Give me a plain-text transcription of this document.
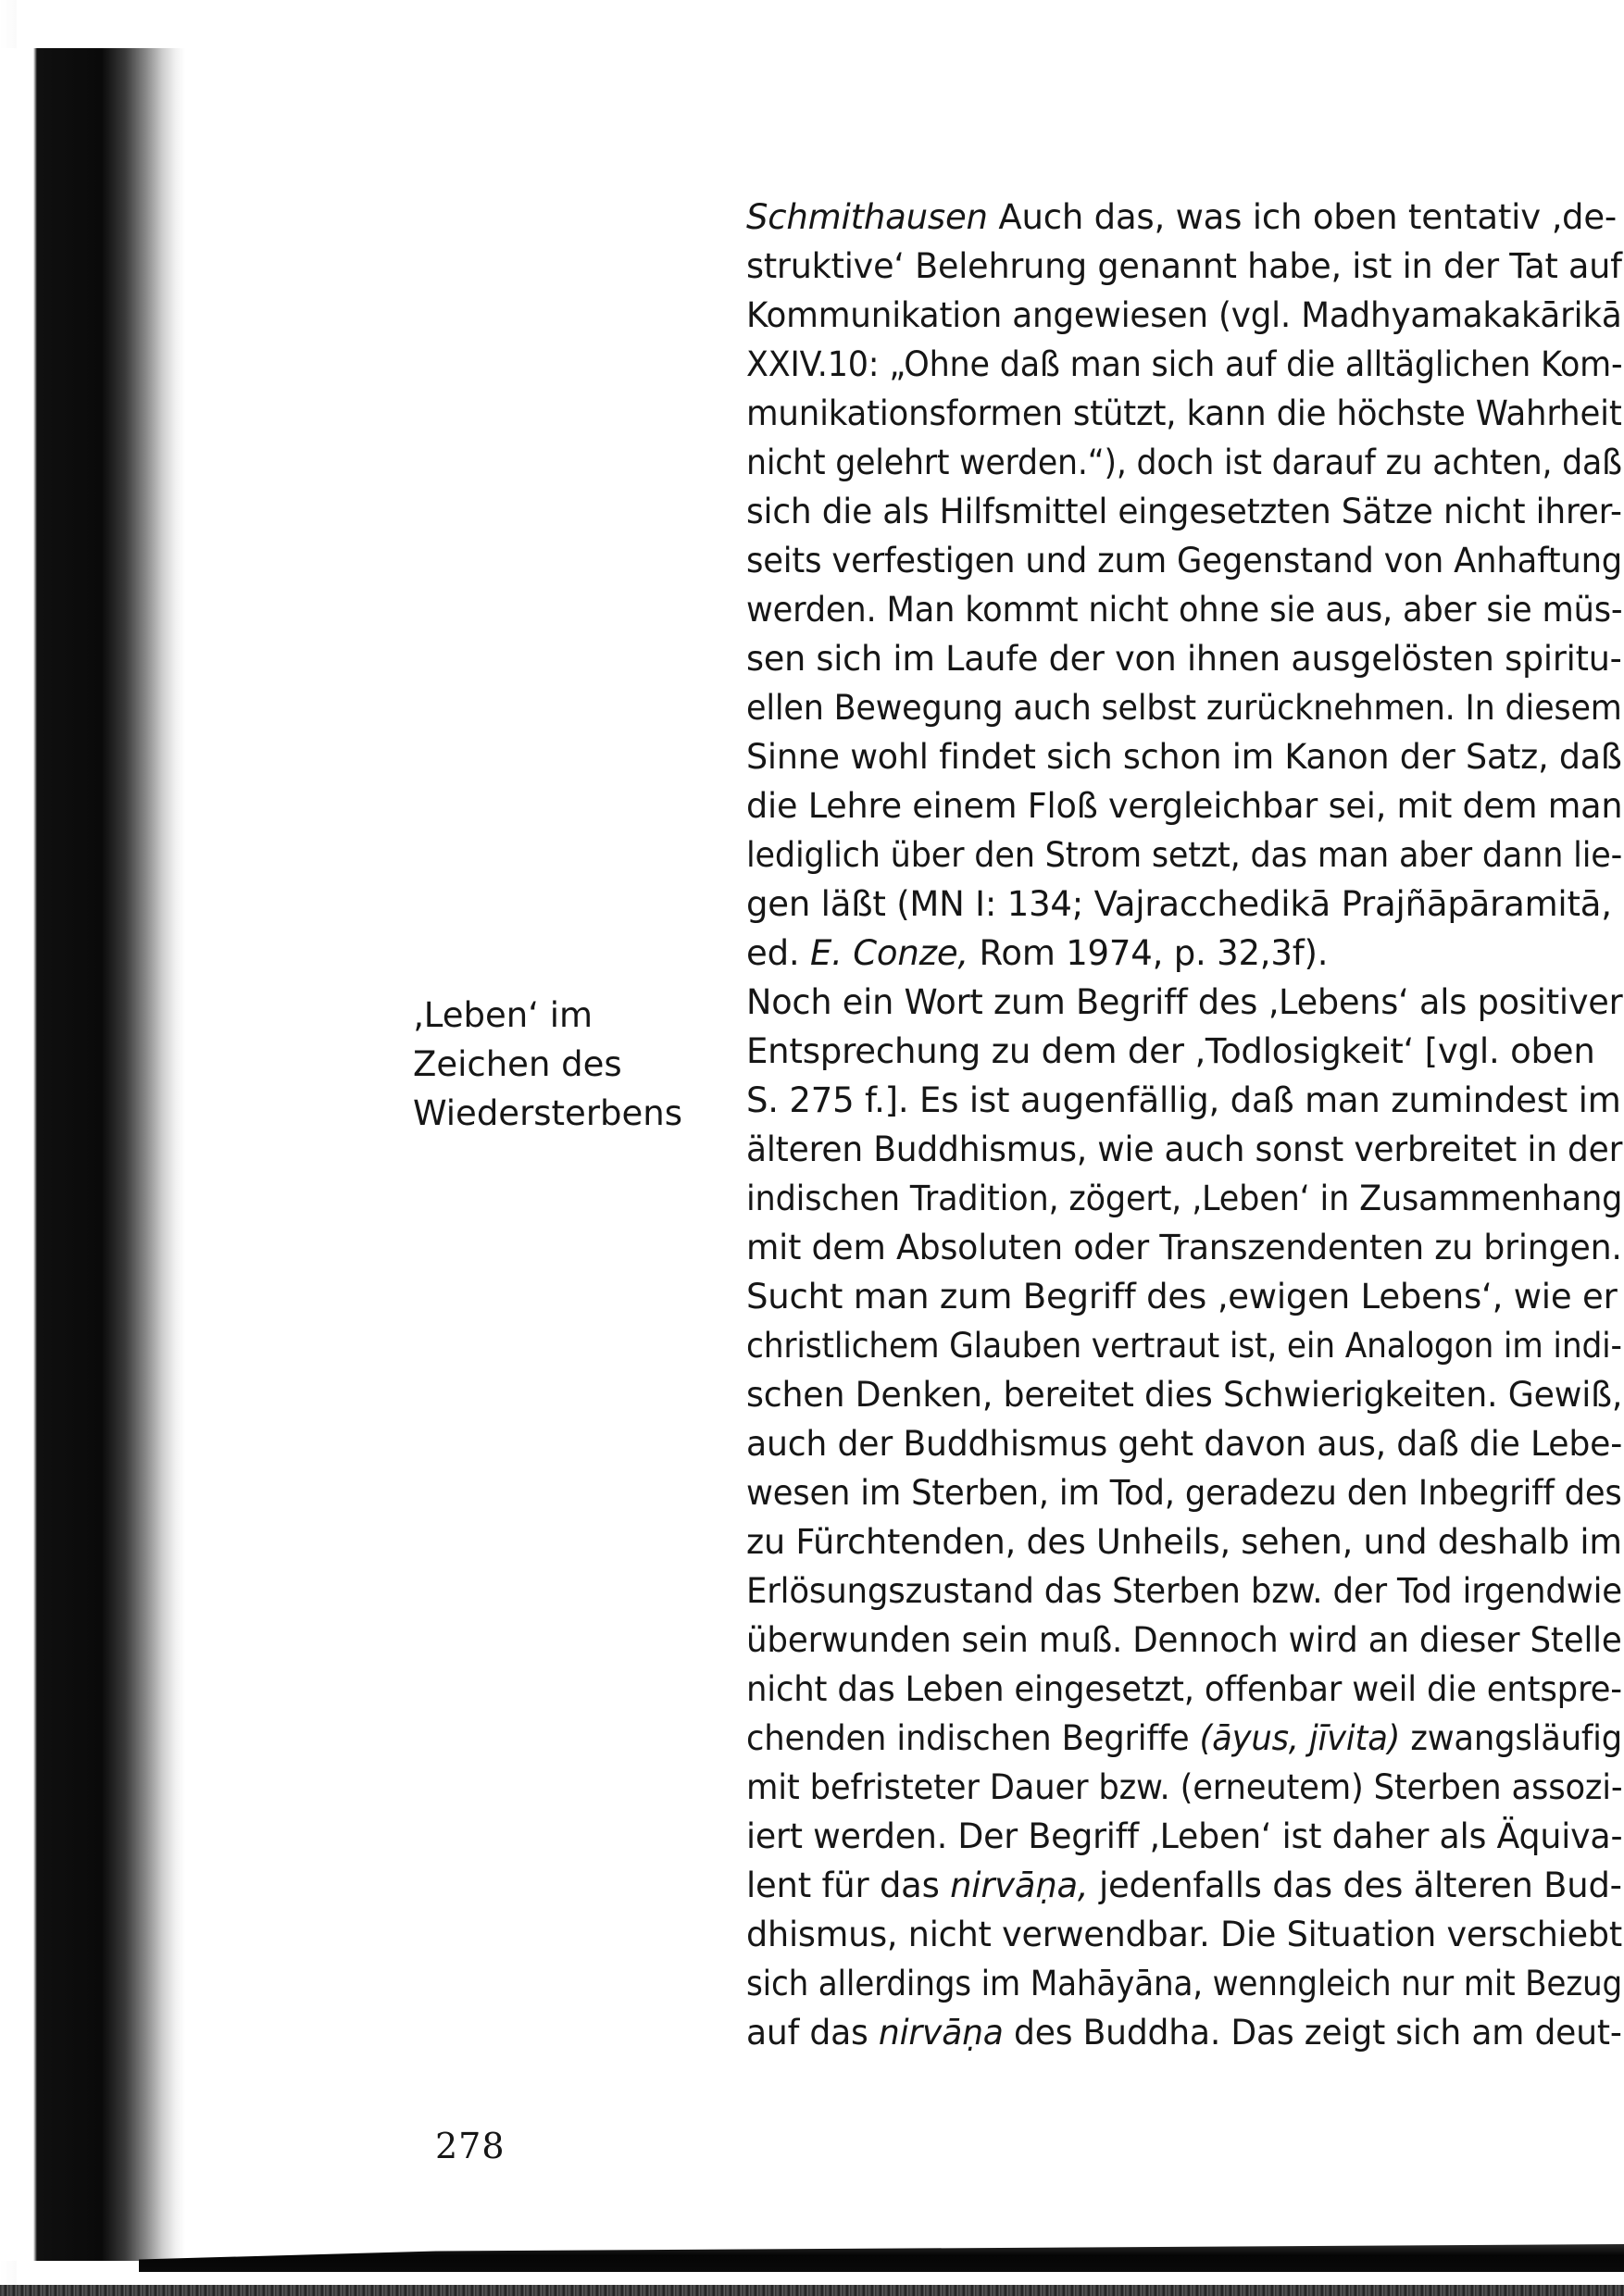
‚Leben‘ im
Zeichen des
Wiedersterbens
Schmithausen Auch das, was ich oben tentativ ‚de-
struktive‘ Belehrung genannt habe, ist in der Tat auf
Kommunikation angewiesen (vgl. Madhyamakakārikā
XXIV.10: „Ohne daß man sich auf die alltäglichen Kom-
munikationsformen stützt, kann die höchste Wahrheit
nicht gelehrt werden.“), doch ist darauf zu achten, daß
sich die als Hilfsmittel eingesetzten Sätze nicht ihrer-
seits verfestigen und zum Gegenstand von Anhaftung
werden. Man kommt nicht ohne sie aus, aber sie müs-
sen sich im Laufe der von ihnen ausgelösten spiritu-
ellen Bewegung auch selbst zurücknehmen. In diesem
Sinne wohl findet sich schon im Kanon der Satz, daß
die Lehre einem Floß vergleichbar sei, mit dem man
lediglich über den Strom setzt, das man aber dann lie-
gen läßt (MN I: 134; Vajracchedikā Prajñāpāramitā,
ed. E. Conze, Rom 1974, p. 32,3f).
Noch ein Wort zum Begriff des ‚Lebens‘ als positiver
Entsprechung zu dem der ‚Todlosigkeit‘ [vgl. oben
S. 275 f.]. Es ist augenfällig, daß man zumindest im
älteren Buddhismus, wie auch sonst verbreitet in der
indischen Tradition, zögert, ‚Leben‘ in Zusammenhang
mit dem Absoluten oder Transzendenten zu bringen.
Sucht man zum Begriff des ‚ewigen Lebens‘, wie er
christlichem Glauben vertraut ist, ein Analogon im indi-
schen Denken, bereitet dies Schwierigkeiten. Gewiß,
auch der Buddhismus geht davon aus, daß die Lebe-
wesen im Sterben, im Tod, geradezu den Inbegriff des
zu Fürchtenden, des Unheils, sehen, und deshalb im
Erlösungszustand das Sterben bzw. der Tod irgendwie
überwunden sein muß. Dennoch wird an dieser Stelle
nicht das Leben eingesetzt, offenbar weil die entspre-
chenden indischen Begriffe (āyus, jīvita) zwangsläufig
mit befristeter Dauer bzw. (erneutem) Sterben assozi-
iert werden. Der Begriff ‚Leben‘ ist daher als Äquiva-
lent für das nirvāṇa, jedenfalls das des älteren Bud-
dhismus, nicht verwendbar. Die Situation verschiebt
sich allerdings im Mahāyāna, wenngleich nur mit Bezug
auf das nirvāṇa des Buddha. Das zeigt sich am deut-
278
